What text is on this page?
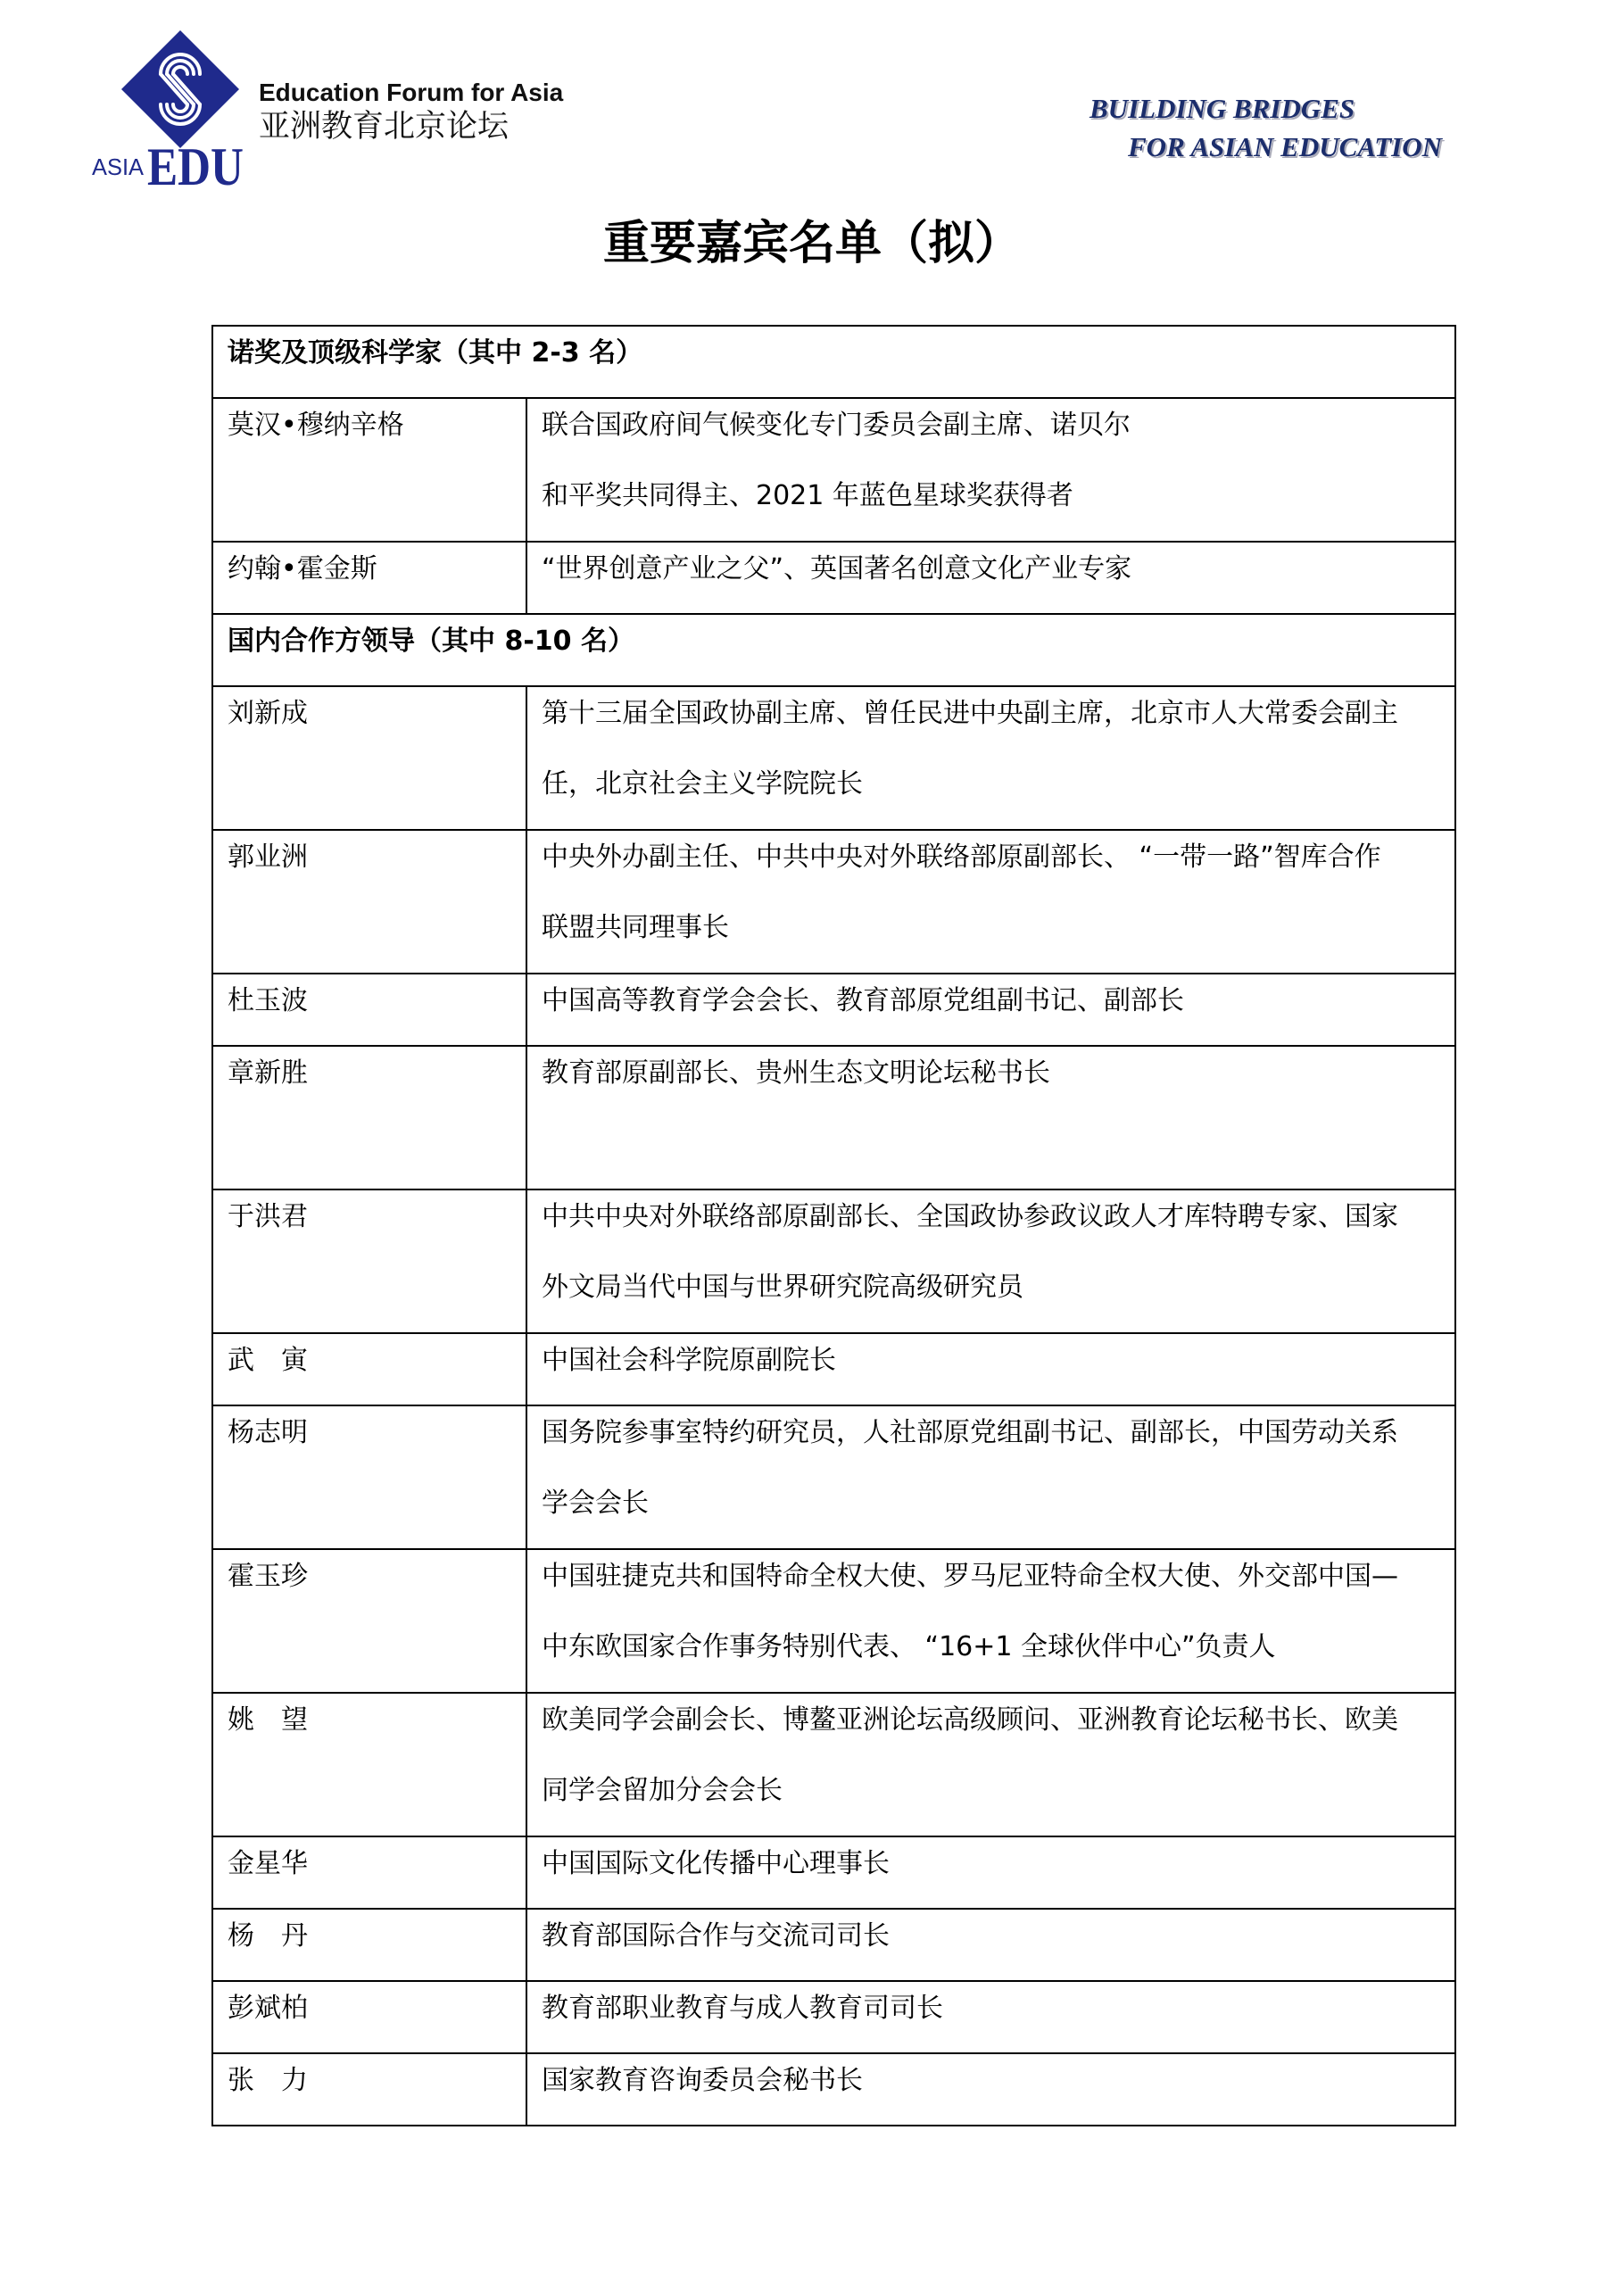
ASIA EDU
Education Forum for Asia
亚洲教育北京论坛
BUILDING BRIDGES
FOR ASIAN EDUCATION
重要嘉宾名单（拟）
诺奖及顶级科学家（其中 2-3 名）	
莫汉•穆纳辛格	联合国政府间气候变化专门委员会副主席、诺贝尔
和平奖共同得主、2021 年蓝色星球奖获得者

约翰•霍金斯	“世界创意产业之父”、英国著名创意文化产业专家

国内合作方领导（其中 8-10 名）	
刘新成	第十三届全国政协副主席、曾任民进中央副主席，北京市人大常委会副主
任，北京社会主义学院院长

郭业洲	中央外办副主任、中共中央对外联络部原副部长、 “一带一路”智库合作
联盟共同理事长

杜玉波	中国高等教育学会会长、教育部原党组副书记、副部长

章新胜	教育部原副部长、贵州生态文明论坛秘书长

于洪君	中共中央对外联络部原副部长、全国政协参政议政人才库特聘专家、国家
外文局当代中国与世界研究院高级研究员

武　寅	中国社会科学院原副院长

杨志明	国务院参事室特约研究员，人社部原党组副书记、副部长，中国劳动关系
学会会长

霍玉珍	中国驻捷克共和国特命全权大使、罗马尼亚特命全权大使、外交部中国—
中东欧国家合作事务特别代表、 “16+1 全球伙伴中心”负责人

姚　望	欧美同学会副会长、博鳌亚洲论坛高级顾问、亚洲教育论坛秘书长、欧美
同学会留加分会会长

金星华	中国国际文化传播中心理事长

杨　丹	教育部国际合作与交流司司长

彭斌柏	教育部职业教育与成人教育司司长

张　力	国家教育咨询委员会秘书长
